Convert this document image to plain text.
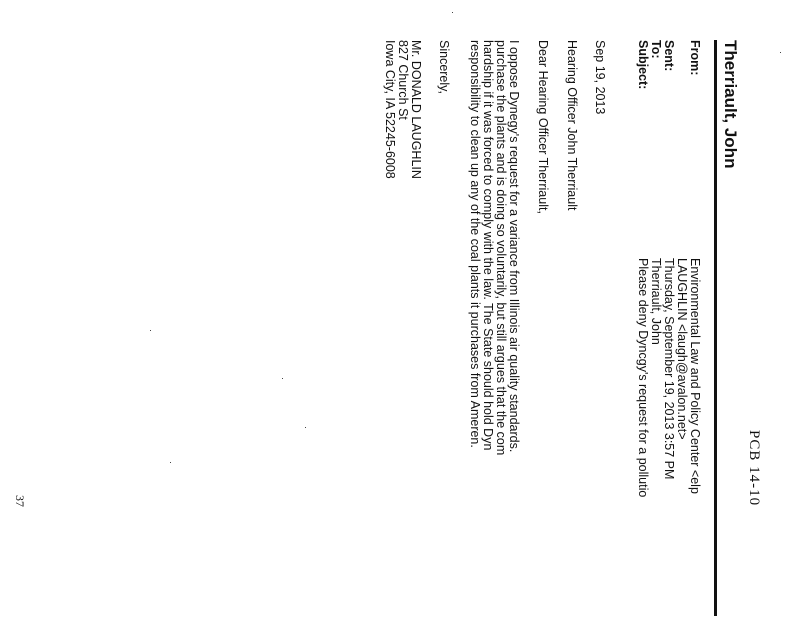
PCB 14-10
Therriault, John
From:
Environmental Law and Policy Center <elp
LAUGHLIN <laugh@avalon.net>
Sent:
Thursday, September 19, 2013 3:57 PM
To:
Therriault, John
Subject:
Please deny Dyncgy's request for a pollutio
Sep 19, 2013
Hearing Officer John Therriault
Dear Hearing Officer Therriault,
I oppose Dynegy's request for a variance from Illinois air quality standards.
purchase the plants and is doing so voluntarily, but still argues that the com
hardship if it was forced to comply with the law. The State should hold Dyn
responsibility to clean up any of the coal plants it purchases from Ameren.
Sincerely,
Mr. DONALD LAUGHLIN
827 Church St
Iowa City, IA 52245-6008
37
